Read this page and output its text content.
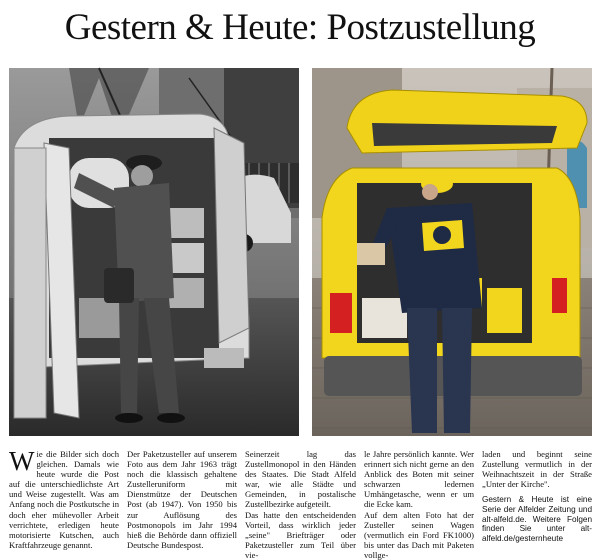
Gestern & Heute: Postzustellung

Wie die Bilder sich doch gleichen. Damals wie heute wurde die Post auf die unterschiedlichste Art und Weise zugestellt. Was am Anfang noch die Postkutsche in doch eher mühevoller Arbeit verrichtete, erledigen heute motorisierte Kutschen, auch Kraftfahrzeuge genannt.

Der Paketzusteller auf unserem Foto aus dem Jahr 1963 trägt noch die klassisch gehaltene Zustelleruniform mit Dienstmütze der Deutschen Post (ab 1947). Von 1950 bis zur Auflösung des Postmonopols im Jahr 1994 hieß die Behörde dann offiziell Deutsche Bundespost.

Seinerzeit lag das Zustellmonopol in den Händen des Staates. Die Stadt Alfeld war, wie alle Städte und Gemeinden, in postalische Zustellbezirke aufgeteilt.

Das hatte den entscheidenden Vorteil, dass wirklich jeder „seine" Briefträger oder Paketzusteller zum Teil über vie-

le Jahre persönlich kannte. Wer erinnert sich nicht gerne an den Anblick des Boten mit seiner schwarzen ledernen Umhängetasche, wenn er um die Ecke kam.

Auf dem alten Foto hat der Zusteller seinen Wagen (vermutlich ein Ford FK1000) bis unter das Dach mit Paketen vollge-

laden und beginnt seine Zustellung vermutlich in der Weihnachtszeit in der Straße „Unter der Kirche".

Gestern & Heute ist eine Serie der Alfelder Zeitung und alt-alfeld.de. Weitere Folgen finden Sie unter alt-alfeld.de/gesternheute
